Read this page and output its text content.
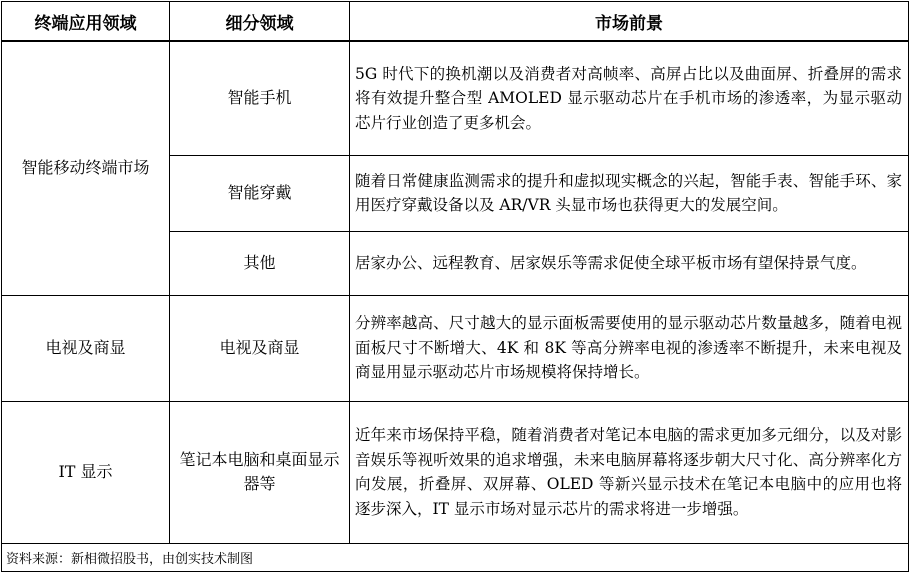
终端应用领域	细分领域	市场前景
智能移动终端市场	智能手机	5G 时代下的换机潮以及消费者对高帧率、高屏占比以及曲面屏、折叠屏的需求将有效提升整合型 AMOLED 显示驱动芯片在手机市场的渗透率，为显示驱动芯片行业创造了更多机会。
	智能穿戴	随着日常健康监测需求的提升和虚拟现实概念的兴起，智能手表、智能手环、家用医疗穿戴设备以及 AR/VR 头显市场也获得更大的发展空间。
	其他	居家办公、远程教育、居家娱乐等需求促使全球平板市场有望保持景气度。
电视及商显	电视及商显	分辨率越高、尺寸越大的显示面板需要使用的显示驱动芯片数量越多，随着电视面板尺寸不断增大、4K 和 8K 等高分辨率电视的渗透率不断提升，未来电视及商显用显示驱动芯片市场规模将保持增长。
IT 显示	笔记本电脑和桌面显示器等	近年来市场保持平稳，随着消费者对笔记本电脑的需求更加多元细分，以及对影音娱乐等视听效果的追求增强，未来电脑屏幕将逐步朝大尺寸化、高分辨率化方向发展，折叠屏、双屏幕、OLED 等新兴显示技术在笔记本电脑中的应用也将逐步深入，IT 显示市场对显示芯片的需求将进一步增强。
资料来源：新相微招股书，由创实技术制图		
